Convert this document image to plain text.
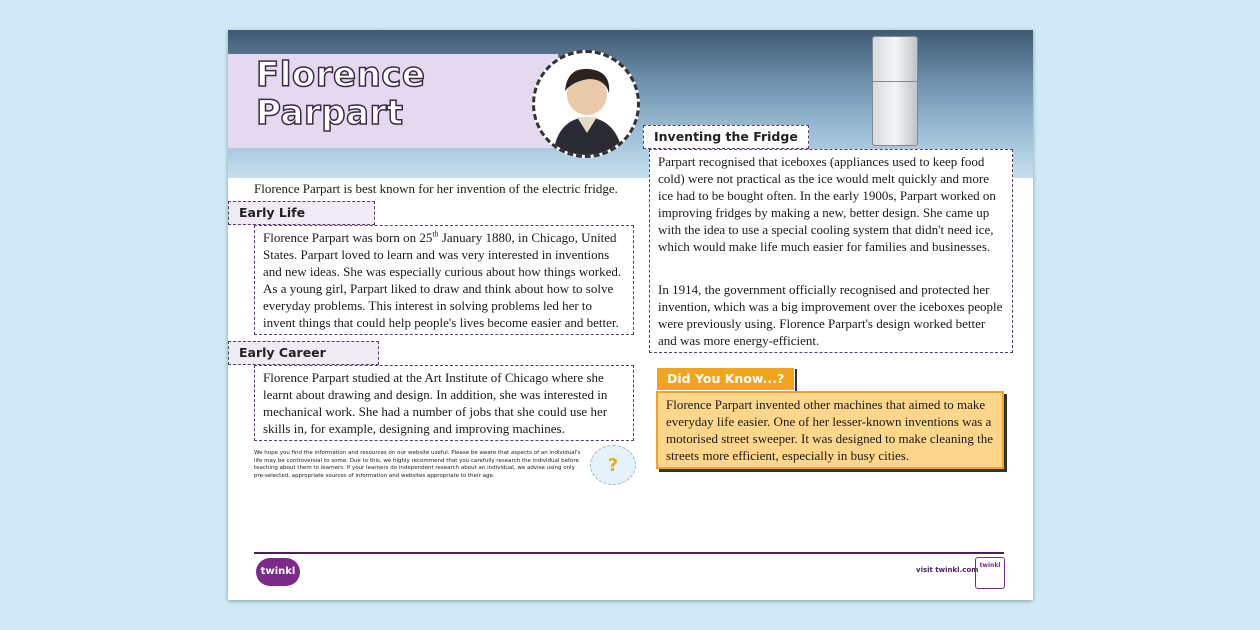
Florence
Parpart
Florence Parpart is best known for her invention of the electric fridge.
Early Life
Florence Parpart was born on 25th January 1880, in Chicago, United States. Parpart loved to learn and was very interested in inventions and new ideas. She was especially curious about how things worked. As a young girl, Parpart liked to draw and think about how to solve everyday problems. This interest in solving problems led her to invent things that could help people's lives become easier and better.
Early Career
Florence Parpart studied at the Art Institute of Chicago where she learnt about drawing and design. In addition, she was interested in mechanical work. She had a number of jobs that she could use her skills in, for example, designing and improving machines.
We hope you find the information and resources on our website useful. Please be aware that aspects of an individual's life may be controversial to some. Due to this, we highly recommend that you carefully research the individual before teaching about them to learners. If your learners do independent research about an individual, we advise using only pre-selected, appropriate sources of information and websites appropriate to their age.	?
Inventing the Fridge

Parpart recognised that iceboxes (appliances used to keep food cold) were not practical as the ice would melt quickly and more ice had to be bought often. In the early 1900s, Parpart worked on improving fridges by making a new, better design. She came up with the idea to use a special cooling system that didn't need ice, which would make life much easier for families and businesses.

In 1914, the government officially recognised and protected her invention, which was a big improvement over the iceboxes people were previously using. Florence Parpart's design worked better and was more energy-efficient.

Did You Know...?
Florence Parpart invented other machines that aimed to make everyday life easier. One of her lesser-known inventions was a motorised street sweeper. It was designed to make cleaning the streets more efficient, especially in busy cities.
twinkl	visit twinkl.com
twinkl
